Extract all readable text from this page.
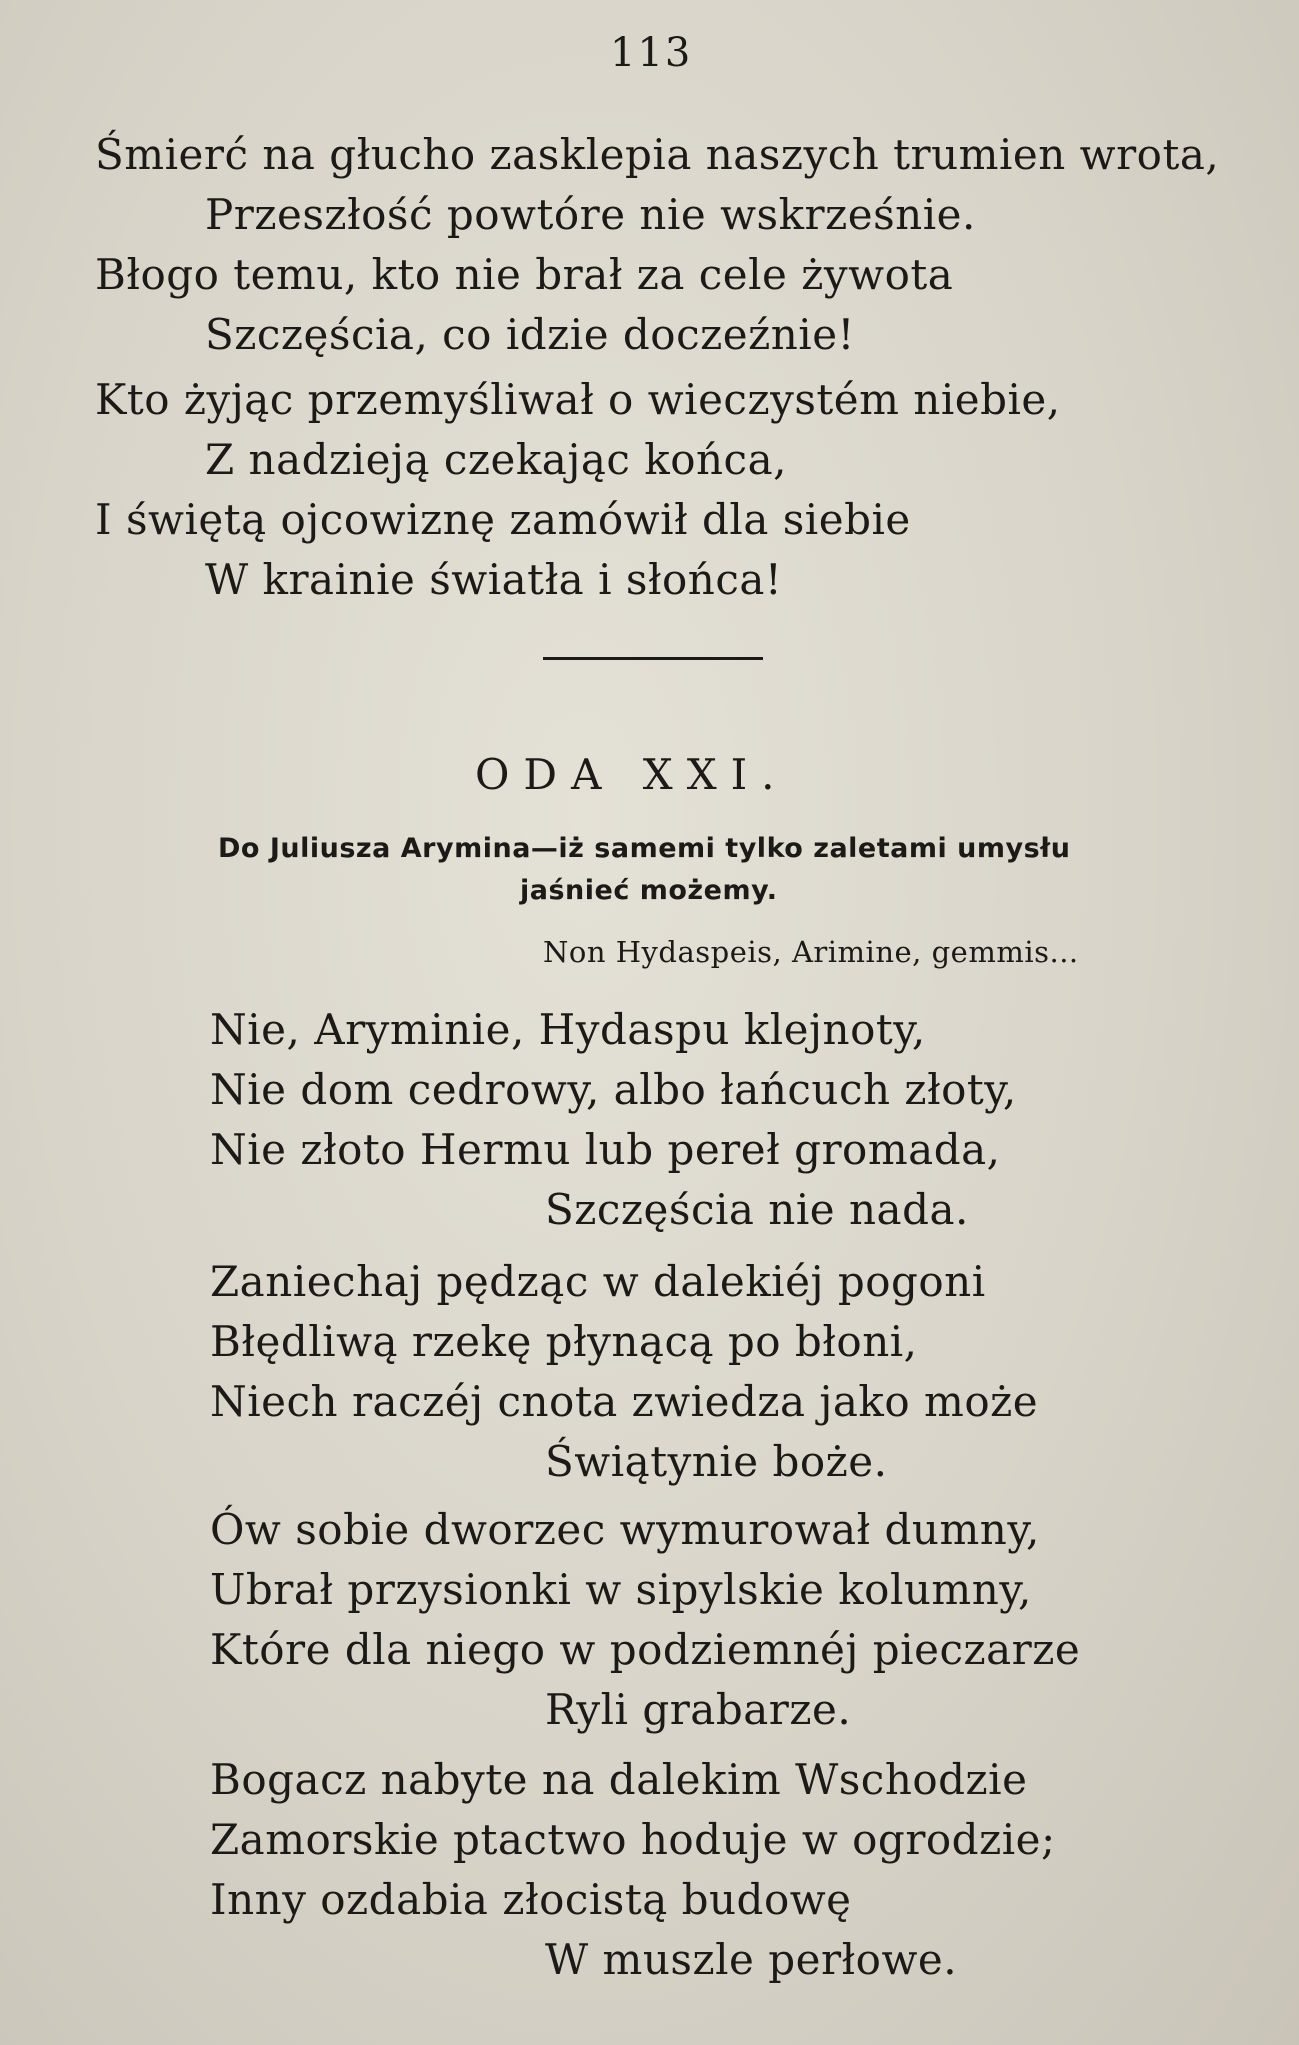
113
Śmierć na głucho zasklepia naszych trumien wrota,
Przeszłość powtóre nie wskrześnie.
Błogo temu, kto nie brał za cele żywota
Szczęścia, co idzie doczeźnie!
Kto żyjąc przemyśliwał o wieczystém niebie,
Z nadzieją czekając końca,
I świętą ojcowiznę zamówił dla siebie
W krainie światła i słońca!
ODA XXI.
Do Juliusza Arymina—iż samemi tylko zaletami umysłu
jaśnieć możemy.
Non Hydaspeis, Arimine, gemmis...
Nie, Aryminie, Hydaspu klejnoty,
Nie dom cedrowy, albo łańcuch złoty,
Nie złoto Hermu lub pereł gromada,
Szczęścia nie nada.
Zaniechaj pędząc w dalekiéj pogoni
Błędliwą rzekę płynącą po błoni,
Niech raczéj cnota zwiedza jako może
Świątynie boże.
Ów sobie dworzec wymurował dumny,
Ubrał przysionki w sipylskie kolumny,
Które dla niego w podziemnéj pieczarze
Ryli grabarze.
Bogacz nabyte na dalekim Wschodzie
Zamorskie ptactwo hoduje w ogrodzie;
Inny ozdabia złocistą budowę
W muszle perłowe.
